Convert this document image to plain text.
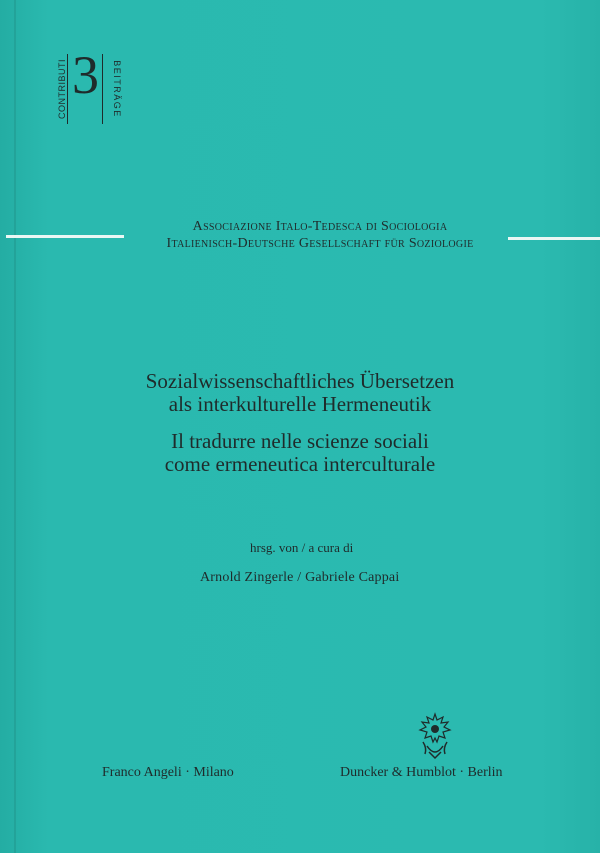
CONTRIBUTI 3 BEITRÄGE
Associazione Italo-Tedesca di Sociologia
Italienisch-Deutsche Gesellschaft für Soziologie
Sozialwissenschaftliches Übersetzen
als interkulturelle Hermeneutik
Il tradurre nelle scienze sociali
come ermeneutica interculturale
hrsg. von / a cura di
Arnold Zingerle / Gabriele Cappai
Franco Angeli · Milano	Duncker & Humblot · Berlin
